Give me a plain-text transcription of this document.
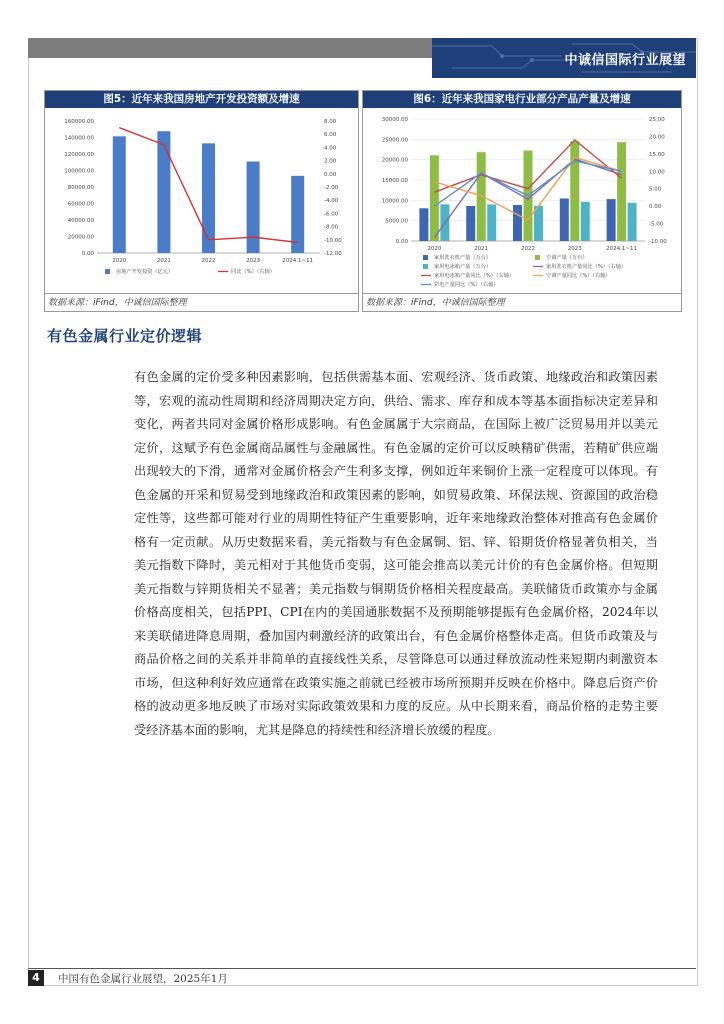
中诚信国际行业展望
图5：近年来我国房地产开发投资额及增速
0.00
20000.00
40000.00
60000.00
80000.00
100000.00
120000.00
140000.00
160000.00	8.00
6.00
4.00
2.00
0.00
-2.00
-4.00
-6.00
-8.00
-10.00
-12.00
2020	2021	2022	2023	2024.1~11
房地产开发投资（亿元）	同比（%）（右轴）
数据来源：iFind，中诚信国际整理
图6：近年来我国家电行业部分产品产量及增速
0.00
5000.00
10000.00
15000.00
20000.00
25000.00
30000.00	25.00
20.00
15.00
10.00
5.00
0.00
-5.00
-10.00
2020	2021	2022	2023	2024.1~11
家用洗衣机产量（万台）	空调产量（万台）
家用电冰箱产量（万台）	家用洗衣机产量同比（%）（右轴）
家用电冰箱产量同比（%）（右轴）	空调产量同比（%）（右轴）
彩电产量同比（%）（右轴）
数据来源：iFind，中诚信国际整理
有色金属行业定价逻辑
有色金属的定价受多种因素影响，包括供需基本面、宏观经济、货币政策、地缘政治和政策因素等，宏观的流动性周期和经济周期决定方向，供给、需求、库存和成本等基本面指标决定差异和变化，两者共同对金属价格形成影响。有色金属属于大宗商品，在国际上被广泛贸易用并以美元定价，这赋予有色金属商品属性与金融属性。有色金属的定价可以反映精矿供需，若精矿供应端出现较大的下滑，通常对金属价格会产生利多支撑，例如近年来铜价上涨一定程度可以体现。有色金属的开采和贸易受到地缘政治和政策因素的影响，如贸易政策、环保法规、资源国的政治稳定性等，这些都可能对行业的周期性特征产生重要影响，近年来地缘政治整体对推高有色金属价格有一定贡献。从历史数据来看，美元指数与有色金属铜、铝、锌、铅期货价格显著负相关，当美元指数下降时，美元相对于其他货币变弱，这可能会推高以美元计价的有色金属价格。但短期美元指数与锌期货相关不显著；美元指数与铜期货价格相关程度最高。美联储货币政策亦与金属价格高度相关，包括PPI、CPI在内的美国通胀数据不及预期能够提振有色金属价格，2024年以来美联储进降息周期，叠加国内刺激经济的政策出台，有色金属价格整体走高。但货币政策及与商品价格之间的关系并非简单的直接线性关系，尽管降息可以通过释放流动性来短期内刺激资本市场，但这种利好效应通常在政策实施之前就已经被市场所预期并反映在价格中。降息后资产价格的波动更多地反映了市场对实际政策效果和力度的反应。从中长期来看，商品价格的走势主要受经济基本面的影响，尤其是降息的持续性和经济增长放缓的程度。
4	中国有色金属行业展望，2025年1月
